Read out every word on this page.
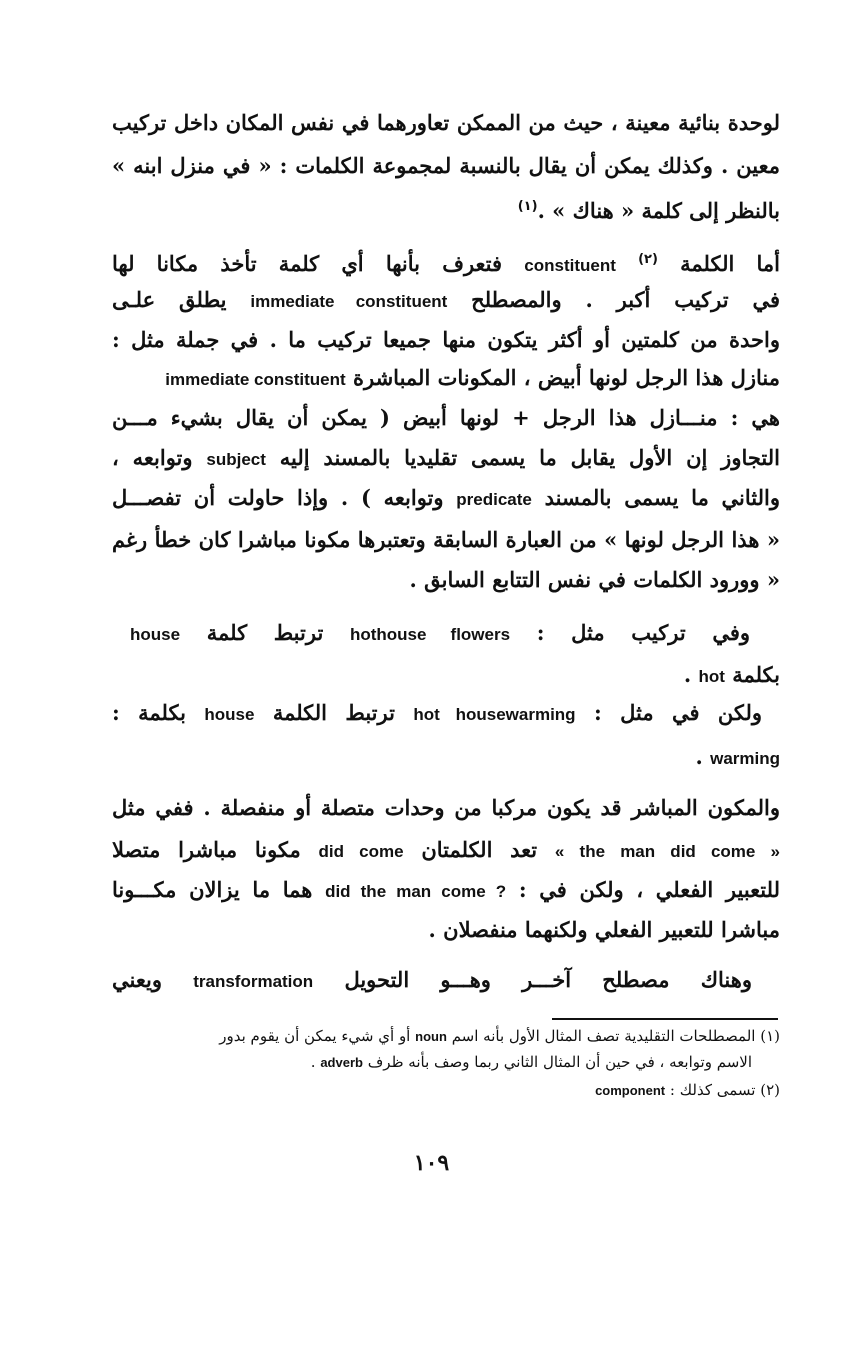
لوحدة بنائية معينة ، حيث من الممكن تعاورهما في نفس المكان داخل تركيب
معين . وكذلك يمكن أن يقال بالنسبة لمجموعة الكلمات : « في منزل ابنه »
بالنظر إلى كلمة « هناك » .$^{(١)}$
أما الكلمة $^{(٢)}$ constituent فتعرف بأنها أي كلمة تأخذ مكانا لها
في تركيب أكبر . والمصطلح immediate constituent يطلق علـى
واحدة من كلمتين أو أكثر يتكون منها جميعا تركيب ما . في جملة مثل :
منازل هذا الرجل لونها أبيض ، المكونات المباشرة immediate constituent
هي : منـــازل هذا الرجل + لونها أبيض ( يمكن أن يقال بشيء مـــن
التجاوز إن الأول يقابل ما يسمى تقليديا بالمسند إليه subject وتوابعه ،
والثاني ما يسمى بالمسند predicate وتوابعه ) . وإذا حاولت أن تفصـــل
« هذا الرجل لونها » من العبارة السابقة وتعتبرها مكونا مباشرا كان خطأ رغم
« وورود الكلمات في نفس التتابع السابق .
وفي تركيب مثل : hothouse flowers ترتبط كلمة house
بكلمة hot .
ولكن في مثل : hot housewarming ترتبط الكلمة house بكلمة :
warming .
والمكون المباشر قد يكون مركبا من وحدات متصلة أو منفصلة . ففي مثل
« the man did come » تعد الكلمتان did come مكونا مباشرا متصلا
للتعبير الفعلي ، ولكن في : ? did the man come هما ما يزالان مكـــونا
مباشرا للتعبير الفعلي ولكنهما منفصلان .
وهناك مصطلح آخـــر وهـــو التحويل transformation ويعني
(١) المصطلحات التقليدية تصف المثال الأول بأنه اسم noun أو أي شيء يمكن أن يقوم بدور
الاسم وتوابعه ، في حين أن المثال الثاني ربما وصف بأنه ظرف adverb .
(٢) تسمى كذلك : component
١٠٩
